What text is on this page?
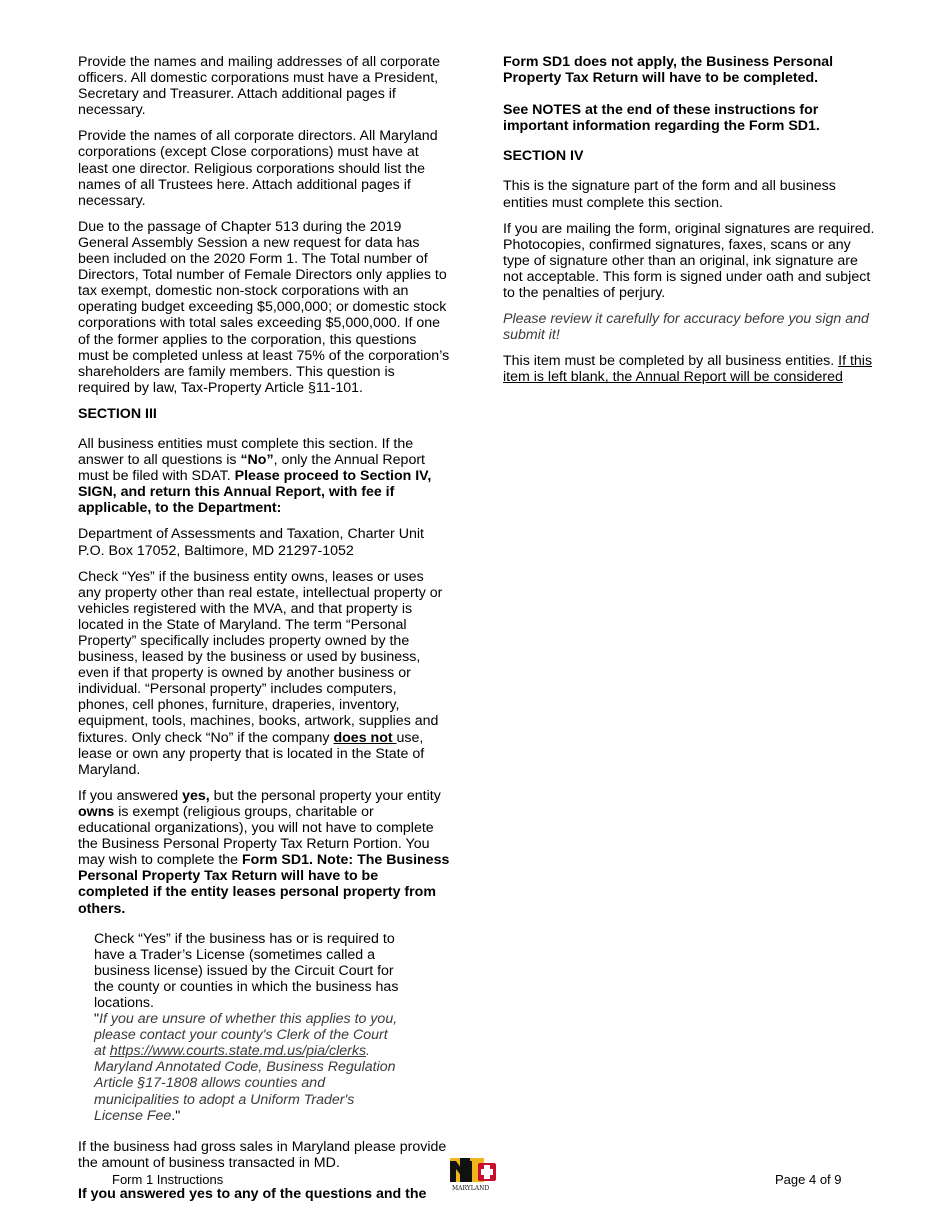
Provide the names and mailing addresses of all corporate officers. All domestic corporations must have a President, Secretary and Treasurer. Attach additional pages if necessary.

Provide the names of all corporate directors. All Maryland corporations (except Close corporations) must have at least one director. Religious corporations should list the names of all Trustees here. Attach additional pages if necessary.

Due to the passage of Chapter 513 during the 2019 General Assembly Session a new request for data has been included on the 2020 Form 1. The Total number of Directors, Total number of Female Directors only applies to tax exempt, domestic non-stock corporations with an operating budget exceeding $5,000,000; or domestic stock corporations with total sales exceeding $5,000,000. If one of the former applies to the corporation, this questions must be completed unless at least 75% of the corporation’s shareholders are family members. This question is required by law, Tax-Property Article §11-101.

SECTION III

All business entities must complete this section. If the answer to all questions is “No”, only the Annual Report must be filed with SDAT. Please proceed to Section IV, SIGN, and return this Annual Report, with fee if applicable, to the Department:

Department of Assessments and Taxation, Charter Unit
P.O. Box 17052, Baltimore, MD 21297-1052

Check “Yes” if the business entity owns, leases or uses any property other than real estate, intellectual property or vehicles registered with the MVA, and that property is located in the State of Maryland. The term “Personal Property” specifically includes property owned by the business, leased by the business or used by business, even if that property is owned by another business or individual. “Personal property” includes computers, phones, cell phones, furniture, draperies, inventory, equipment, tools, machines, books, artwork, supplies and fixtures. Only check “No” if the company does not use, lease or own any property that is located in the State of Maryland.

If you answered yes, but the personal property your entity owns is exempt (religious groups, charitable or educational organizations), you will not have to complete the Business Personal Property Tax Return Portion. You may wish to complete the Form SD1. Note: The Business Personal Property Tax Return will have to be completed if the entity leases personal property from others.

Check “Yes” if the business has or is required to have a Trader’s License (sometimes called a business license) issued by the Circuit Court for the county or counties in which the business has locations.

"If you are unsure of whether this applies to you, please contact your county's Clerk of the Court at https://www.courts.state.md.us/pia/clerks. Maryland Annotated Code, Business Regulation Article §17-1808 allows counties and municipalities to adopt a Uniform Trader's License Fee."

If the business had gross sales in Maryland please provide the amount of business transacted in MD.

If you answered yes to any of the questions and the

Form SD1 does not apply, the Business Personal Property Tax Return will have to be completed.

See NOTES at the end of these instructions for important information regarding the Form SD1.

SECTION IV

This is the signature part of the form and all business entities must complete this section.

If you are mailing the form, original signatures are required. Photocopies, confirmed signatures, faxes, scans or any type of signature other than an original, ink signature are not acceptable. This form is signed under oath and subject to the penalties of perjury.

Please review it carefully for accuracy before you sign and submit it!

This item must be completed by all business entities. If this item is left blank, the Annual Report will be considered

Form 1 Instructions
MARYLAND
Page 4 of 9
